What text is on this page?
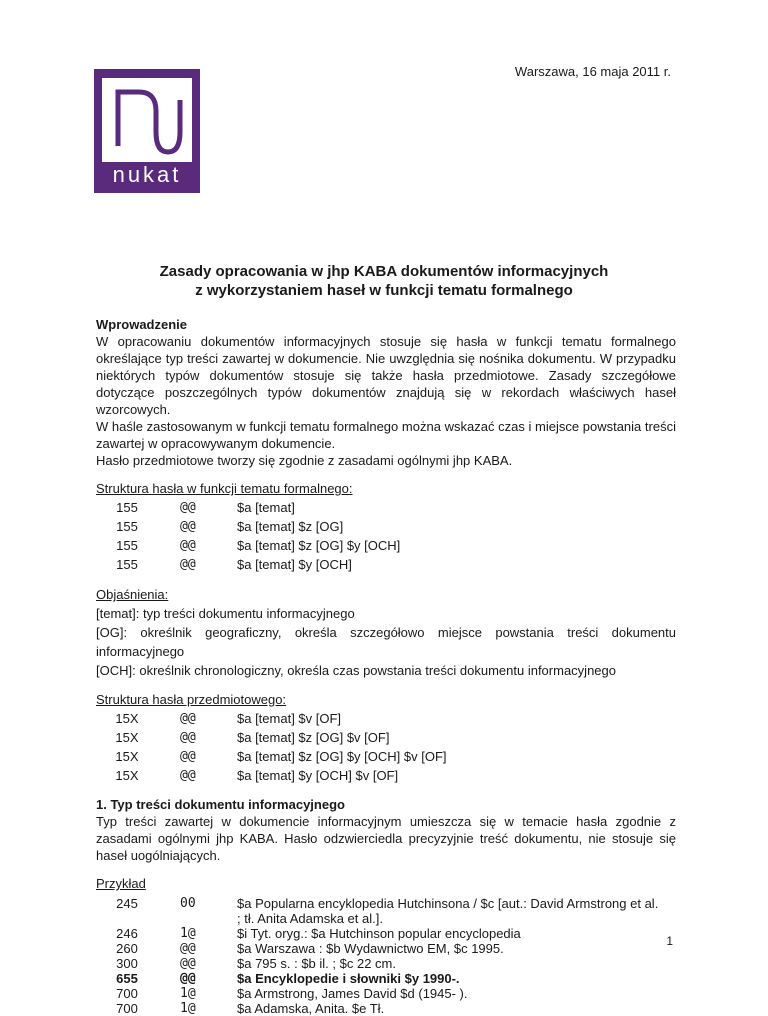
Warszawa, 16 maja 2011 r.
nukat
Zasady opracowania w jhp KABA dokumentów informacyjnych
z wykorzystaniem haseł w funkcji tematu formalnego

Wprowadzenie

W opracowaniu dokumentów informacyjnych stosuje się hasła w funkcji tematu formalnego określające typ treści zawartej w dokumencie. Nie uwzględnia się nośnika dokumentu. W przypadku niektórych typów dokumentów stosuje się także hasła przedmiotowe. Zasady szczegółowe dotyczące poszczególnych typów dokumentów znajdują się w rekordach właściwych haseł wzorcowych.

W haśle zastosowanym w funkcji tematu formalnego można wskazać czas i miejsce powstania treści zawartej w opracowywanym dokumencie.

Hasło przedmiotowe tworzy się zgodnie z zasadami ogólnymi jhp KABA.

Struktura hasła w funkcji tematu formalnego:

155		@@	$a [temat]
155		@@	$a [temat] $z [OG]
155		@@	$a [temat] $z [OG] $y [OCH]
155		@@	$a [temat] $y [OCH]

Objaśnienia:

[temat]: typ treści dokumentu informacyjnego

[OG]: określnik geograficzny, określa szczegółowo miejsce powstania treści dokumentu informacyjnego

[OCH]: określnik chronologiczny, określa czas powstania treści dokumentu informacyjnego

Struktura hasła przedmiotowego:

15X		@@	$a [temat] $v [OF]
15X		@@	$a [temat] $z [OG] $v [OF]
15X		@@	$a [temat] $z [OG] $y [OCH] $v [OF]
15X		@@	$a [temat] $y [OCH] $v [OF]

1. Typ treści dokumentu informacyjnego

Typ treści zawartej w dokumencie informacyjnym umieszcza się w temacie hasła zgodnie z zasadami ogólnymi jhp KABA. Hasło odzwierciedla precyzyjnie treść dokumentu, nie stosuje się haseł uogólniających.

Przykład

245		00	$a Popularna encyklopedia Hutchinsona / $c [aut.: David Armstrong et al.
; tł. Anita Adamska et al.].

246		1@	$i Tyt. oryg.: $a Hutchinson popular encyclopedia
260		@@	$a Warszawa : $b Wydawnictwo EM, $c 1995.
300		@@	$a 795 s. : $b il. ; $c 22 cm.
655		@@	$a Encyklopedie i słowniki $y 1990-.
700		1@	$a Armstrong, James David $d (1945- ).
700		1@	$a Adamska, Anita. $e Tł.
1
